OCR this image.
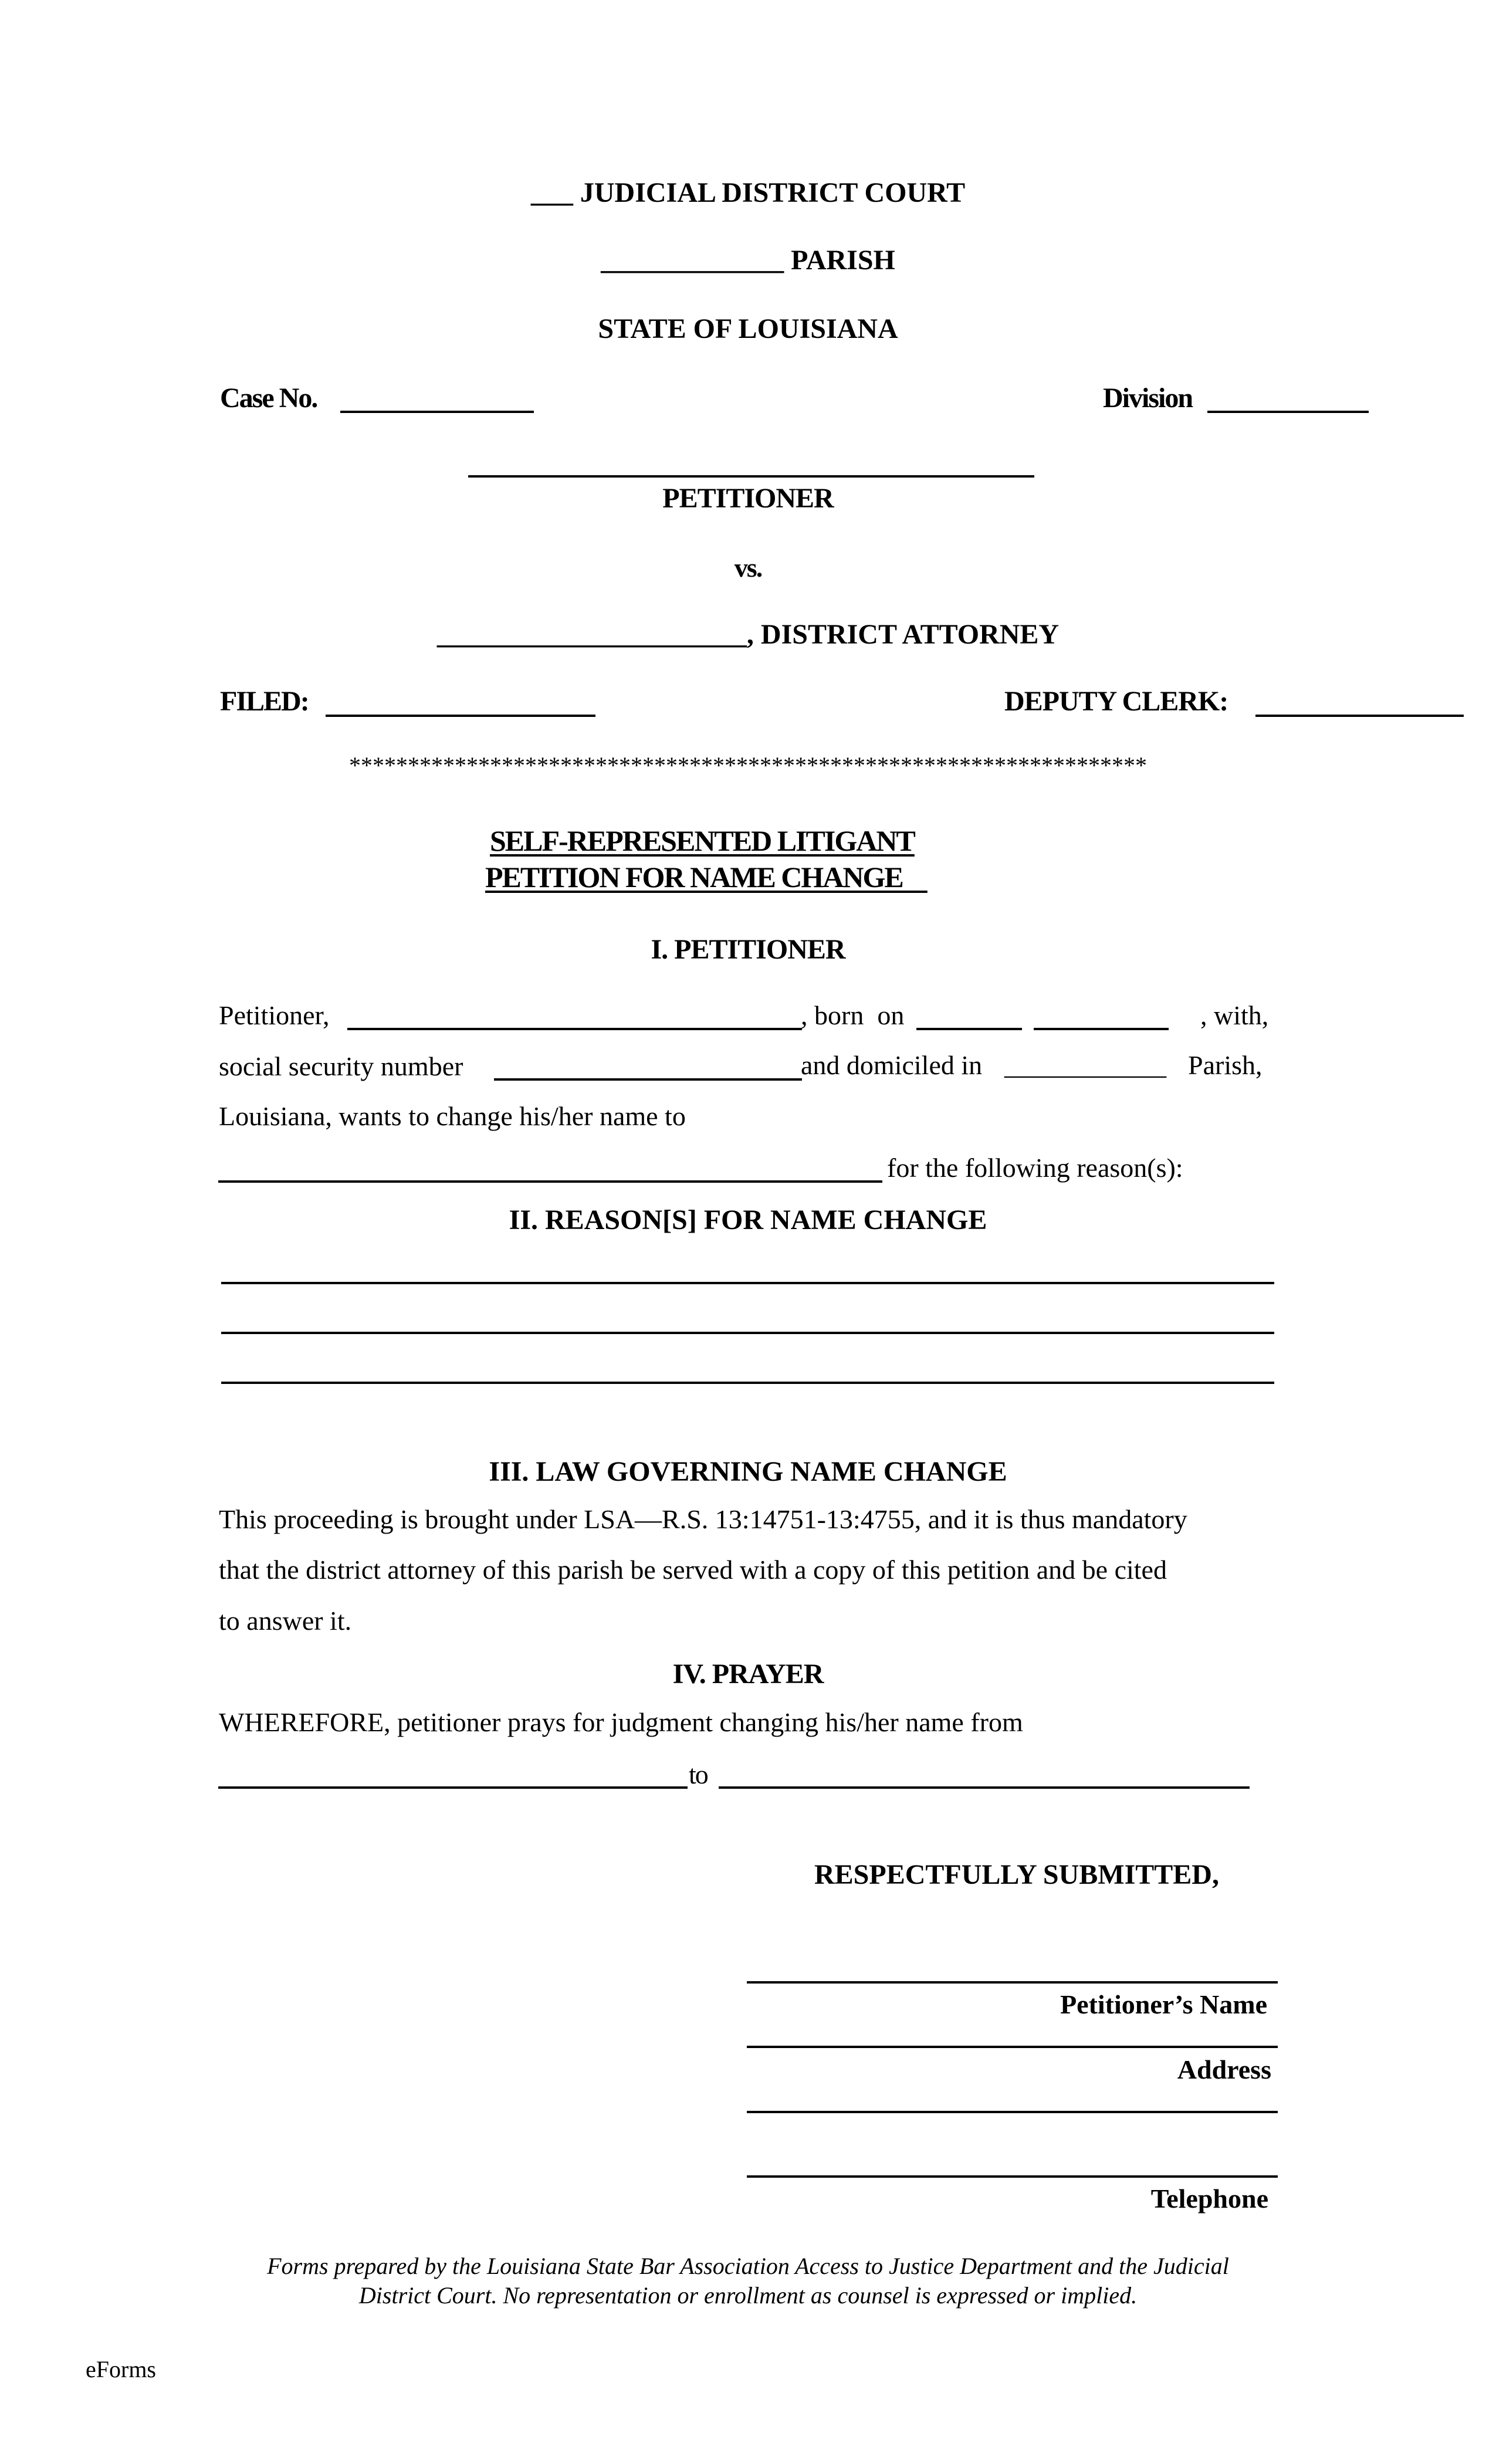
___ JUDICIAL DISTRICT COURT
_____________ PARISH
STATE OF LOUISIANA
Case No.	Division
PETITIONER
vs.
______________________, DISTRICT ATTORNEY
FILED:	DEPUTY CLERK:
********************************************************************
SELF-REPRESENTED LITIGANT
PETITION FOR NAME CHANGE
I. PETITIONER
Petitioner,	, born  on	, with,
social security number	and domiciled in ____________ Parish,
Louisiana, wants to change his/her name to
for the following reason(s):
II. REASON[S] FOR NAME CHANGE
III. LAW GOVERNING NAME CHANGE
This proceeding is brought under LSA—R.S. 13:14751-13:4755, and it is thus mandatory
that the district attorney of this parish be served with a copy of this petition and be cited
to answer it.
IV. PRAYER
WHEREFORE, petitioner prays for judgment changing his/her name from
to
RESPECTFULLY SUBMITTED,
Petitioner’s Name
Address
Telephone
Forms prepared by the Louisiana State Bar Association Access to Justice Department and the Judicial
District Court. No representation or enrollment as counsel is expressed or implied.
eForms
